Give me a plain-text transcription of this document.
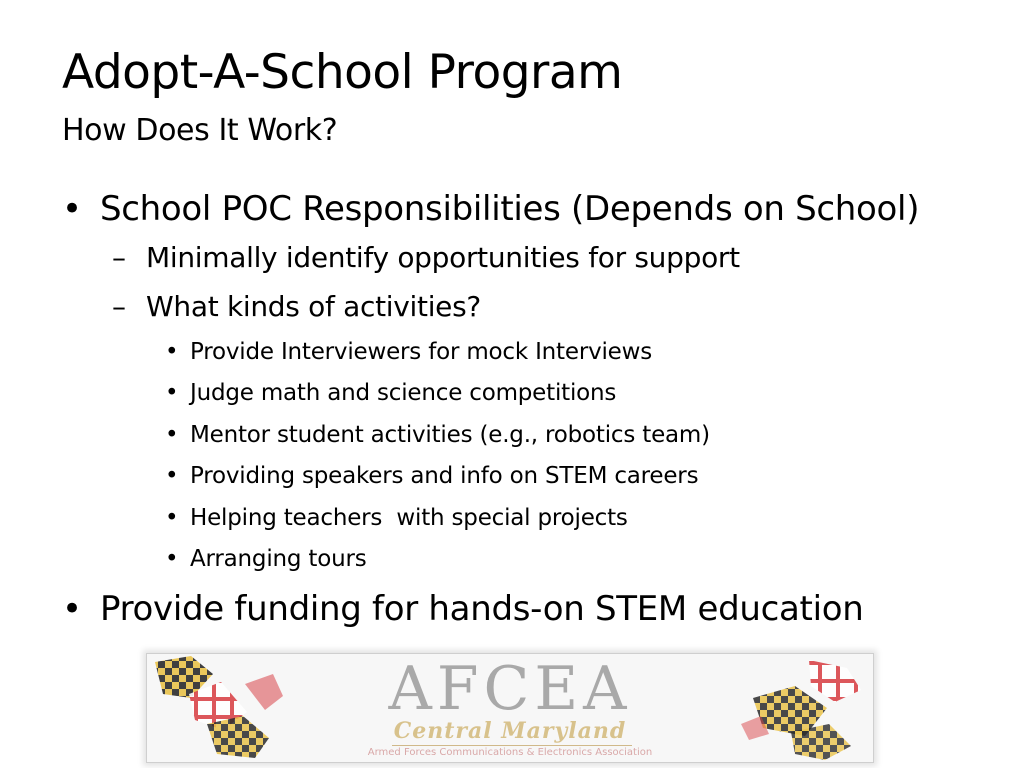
Adopt-A-School Program
How Does It Work?
• School POC Responsibilities (Depends on School)
– Minimally identify opportunities for support
– What kinds of activities?
• Provide Interviewers for mock Interviews
• Judge math and science competitions
• Mentor student activities (e.g., robotics team)
• Providing speakers and info on STEM careers
• Helping teachers  with special projects
• Arranging tours
• Provide funding for hands-on STEM education
AFCEA
Central Maryland
Armed Forces Communications & Electronics Association
